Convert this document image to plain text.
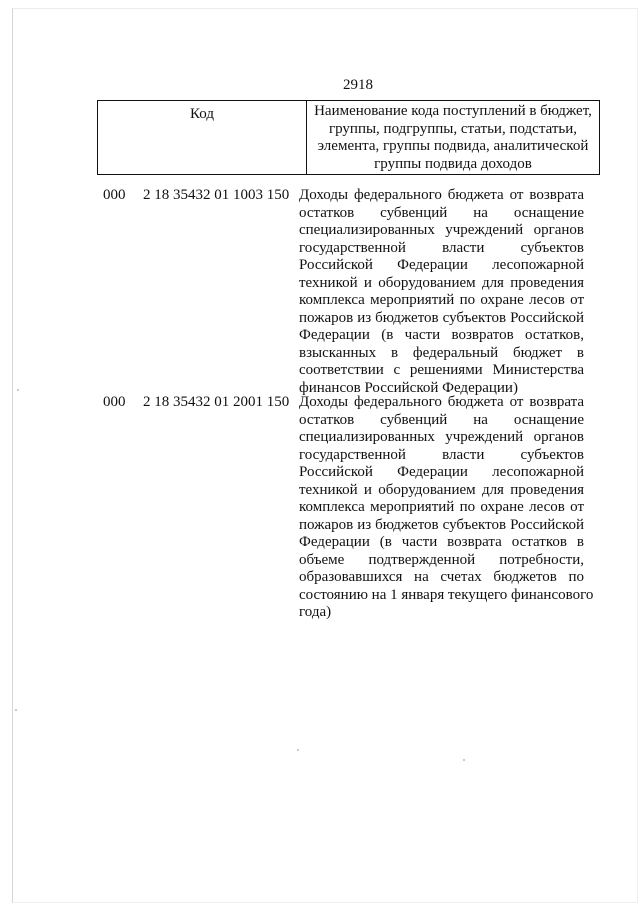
2918
Код	Наименование кода поступлений в бюджет,
группы, подгруппы, статьи, подстатьи,
элемента, группы подвида, аналитической
группы подвида доходов
000 2 18 35432 01 1003 150 Доходы федерального бюджета от возврата
остатков субвенций на оснащение
специализированных учреждений органов
государственной власти субъектов
Российской Федерации лесопожарной
техникой и оборудованием для проведения
комплекса мероприятий по охране лесов от
пожаров из бюджетов субъектов Российской
Федерации (в части возвратов остатков,
взысканных в федеральный бюджет в
соответствии с решениями Министерства
финансов Российской Федерации)
000 2 18 35432 01 2001 150 Доходы федерального бюджета от возврата
остатков субвенций на оснащение
специализированных учреждений органов
государственной власти субъектов
Российской Федерации лесопожарной
техникой и оборудованием для проведения
комплекса мероприятий по охране лесов от
пожаров из бюджетов субъектов Российской
Федерации (в части возврата остатков в
объеме подтвержденной потребности,
образовавшихся на счетах бюджетов по
состоянию на 1 января текущего финансового
года)
